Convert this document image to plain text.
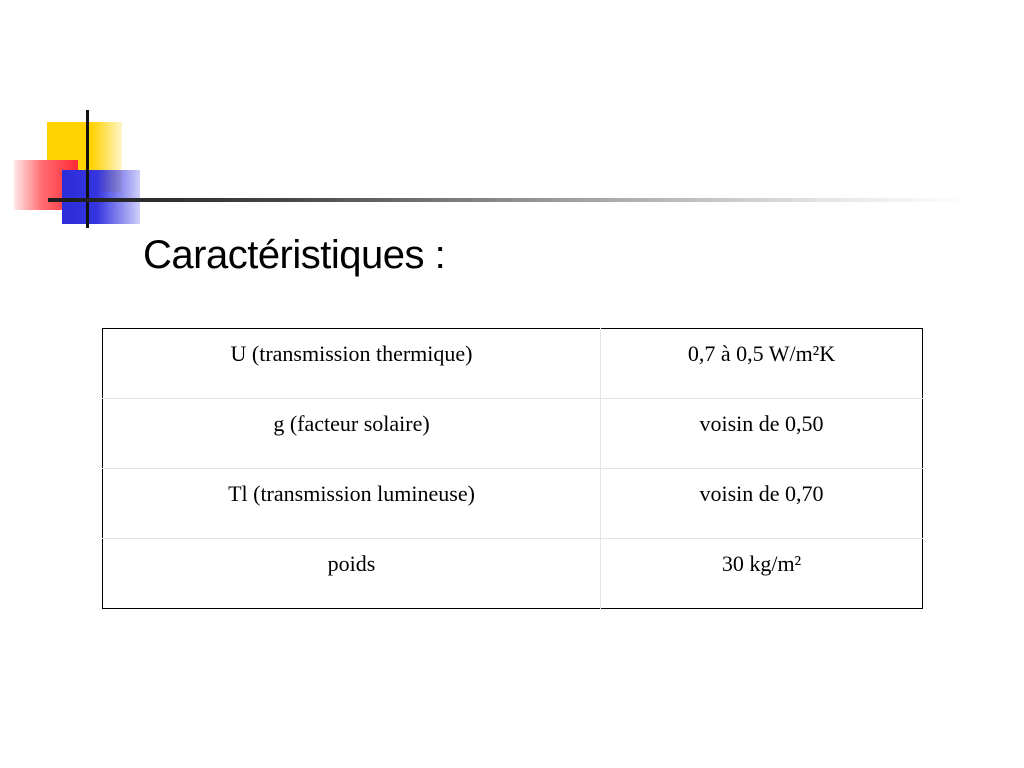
Caractéristiques :
U (transmission thermique)	0,7 à 0,5 W/m²K
g (facteur solaire)	voisin de 0,50
Tl (transmission lumineuse)	voisin de 0,70
poids	30 kg/m²
